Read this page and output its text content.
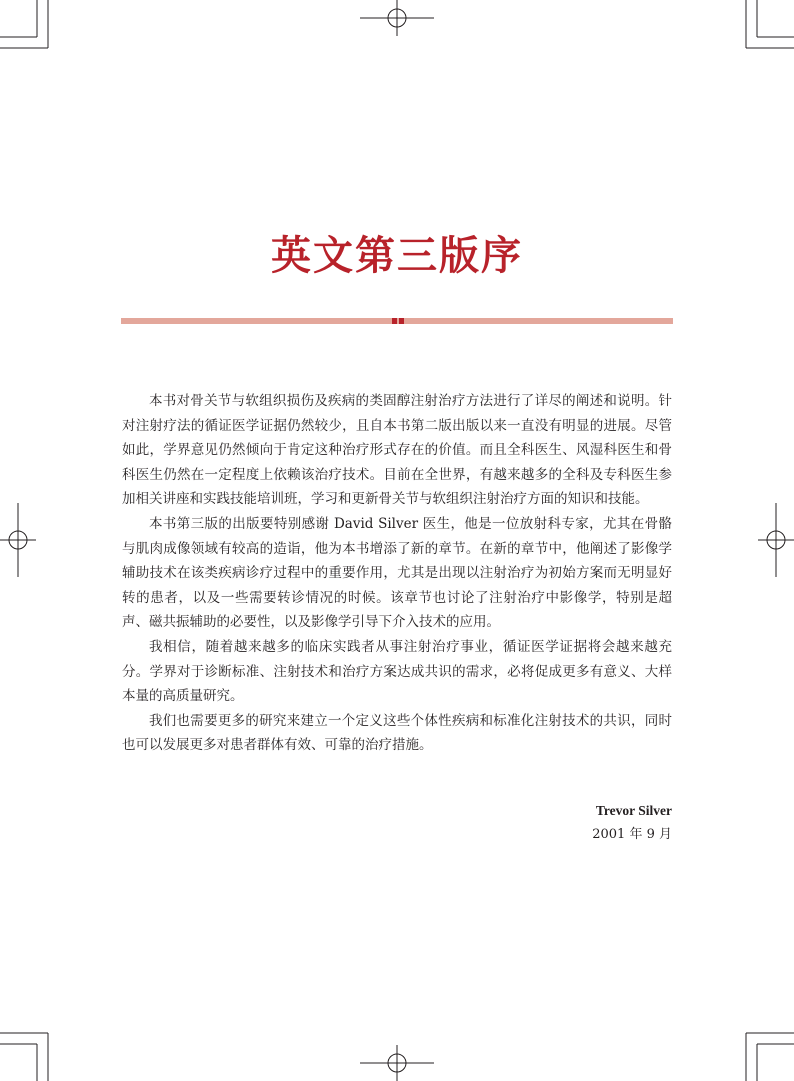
英文第三版序

本书对骨关节与软组织损伤及疾病的类固醇注射治疗方法进行了详尽的阐述和说明。针对注射疗法的循证医学证据仍然较少，且自本书第二版出版以来一直没有明显的进展。尽管如此，学界意见仍然倾向于肯定这种治疗形式存在的价值。而且全科医生、风湿科医生和骨科医生仍然在一定程度上依赖该治疗技术。目前在全世界，有越来越多的全科及专科医生参加相关讲座和实践技能培训班，学习和更新骨关节与软组织注射治疗方面的知识和技能。

本书第三版的出版要特别感谢 David Silver 医生，他是一位放射科专家，尤其在骨骼与肌肉成像领域有较高的造诣，他为本书增添了新的章节。在新的章节中，他阐述了影像学辅助技术在该类疾病诊疗过程中的重要作用，尤其是出现以注射治疗为初始方案而无明显好转的患者，以及一些需要转诊情况的时候。该章节也讨论了注射治疗中影像学，特别是超声、磁共振辅助的必要性，以及影像学引导下介入技术的应用。

我相信，随着越来越多的临床实践者从事注射治疗事业，循证医学证据将会越来越充分。学界对于诊断标准、注射技术和治疗方案达成共识的需求，必将促成更多有意义、大样本量的高质量研究。

我们也需要更多的研究来建立一个定义这些个体性疾病和标准化注射技术的共识，同时也可以发展更多对患者群体有效、可靠的治疗措施。

Trevor Silver
2001 年 9 月
